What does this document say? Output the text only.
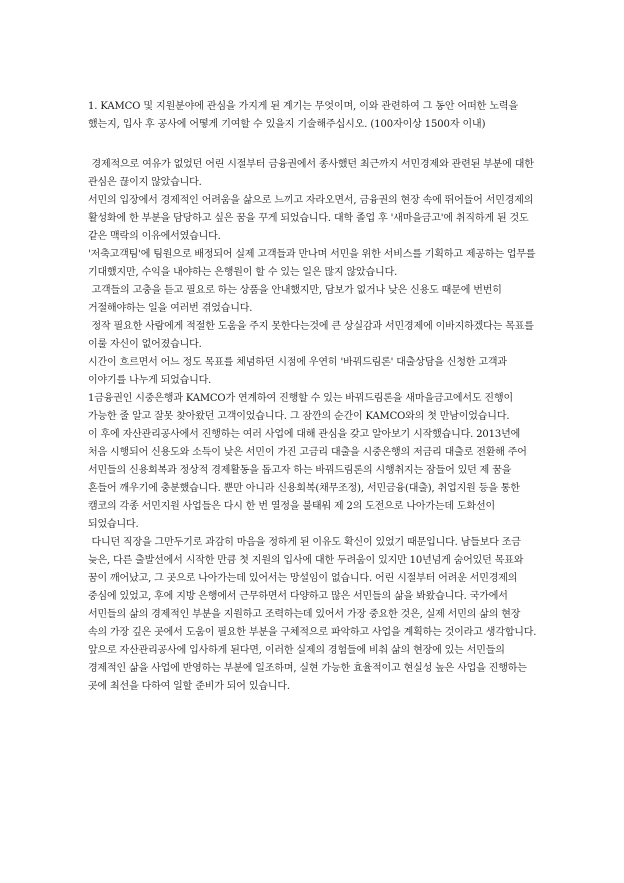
1. KAMCO 및 지원분야에 관심을 가지게 된 계기는 무엇이며, 이와 관련하여 그 동안 어떠한 노력을 했는지, 입사 후 공사에 어떻게 기여할 수 있을지 기술해주십시오. (100자이상 1500자 이내)

경제적으로 여유가 없었던 어린 시절부터 금융권에서 종사했던 최근까지 서민경제와 관련된 부분에 대한 관심은 끊이지 않았습니다.

서민의 입장에서 경제적인 어려움을 삶으로 느끼고 자라오면서, 금융권의 현장 속에 뛰어들어 서민경제의 활성화에 한 부분을 담당하고 싶은 꿈을 꾸게 되었습니다. 대학 졸업 후 '새마을금고'에 취직하게 된 것도 같은 맥락의 이유에서였습니다.

'저축고객팀'에 팀원으로 배정되어 실제 고객들과 만나며 서민을 위한 서비스를 기획하고 제공하는 업무를 기대했지만, 수익을 내야하는 은행원이 할 수 있는 일은 많지 않았습니다.

고객들의 고충을 듣고 필요로 하는 상품을 안내했지만, 담보가 없거나 낮은 신용도 때문에 번번히 거절해야하는 일을 여러번 겪었습니다.

정작 필요한 사람에게 적절한 도움을 주지 못한다는것에 큰 상실감과 서민경제에 이바지하겠다는 목표를 이룰 자신이 없어졌습니다.

시간이 흐르면서 어느 정도 목표를 체념하던 시점에 우연히 '바꿔드림론' 대출상담을 신청한 고객과 이야기를 나누게 되었습니다.

1금융권인 시중은행과 KAMCO가 연계하여 진행할 수 있는 바꿔드림론을 새마을금고에서도 진행이 가능한 줄 알고 잘못 찾아왔던 고객이었습니다. 그 잠깐의 순간이 KAMCO와의 첫 만남이었습니다.

이 후에 자산관리공사에서 진행하는 여러 사업에 대해 관심을 갖고 알아보기 시작했습니다. 2013년에 처음 시행되어 신용도와 소득이 낮은 서민이 가진 고금리 대출을 시중은행의 저금리 대출로 전환해 주어 서민들의 신용회복과 정상적 경제활동을 돕고자 하는 바꿔드림론의 시행취지는 잠들어 있던 제 꿈을 흔들어 깨우기에 충분했습니다. 뿐만 아니라 신용회복(채무조정), 서민금융(대출), 취업지원 등을 통한 캠코의 각종 서민지원 사업들은 다시 한 번 열정을 불태워 제 2의 도전으로 나아가는데 도화선이 되었습니다.

다니던 직장을 그만두기로 과감히 마음을 정하게 된 이유도 확신이 있었기 때문입니다. 남들보다 조금 늦은, 다른 출발선에서 시작한 만큼 첫 지원의 입사에 대한 두려움이 있지만 10년넘게 숨어있던 목표와 꿈이 깨어났고, 그 곳으로 나아가는데 있어서는 망설임이 없습니다. 어린 시절부터 어려운 서민경제의 중심에 있었고, 후에 지방 은행에서 근무하면서 다양하고 많은 서민들의 삶을 봐왔습니다. 국가에서 서민들의 삶의 경제적인 부분을 지원하고 조력하는데 있어서 가장 중요한 것은, 실제 서민의 삶의 현장 속의 가장 깊은 곳에서 도움이 필요한 부분을 구체적으로 파악하고 사업을 계획하는 것이라고 생각합니다. 앞으로 자산관리공사에 입사하게 된다면, 이러한 실제의 경험들에 비춰 삶의 현장에 있는 서민들의 경제적인 삶을 사업에 반영하는 부분에 일조하며, 실현 가능한 효율적이고 현실성 높은 사업을 진행하는 곳에 최선을 다하여 일할 준비가 되어 있습니다.
